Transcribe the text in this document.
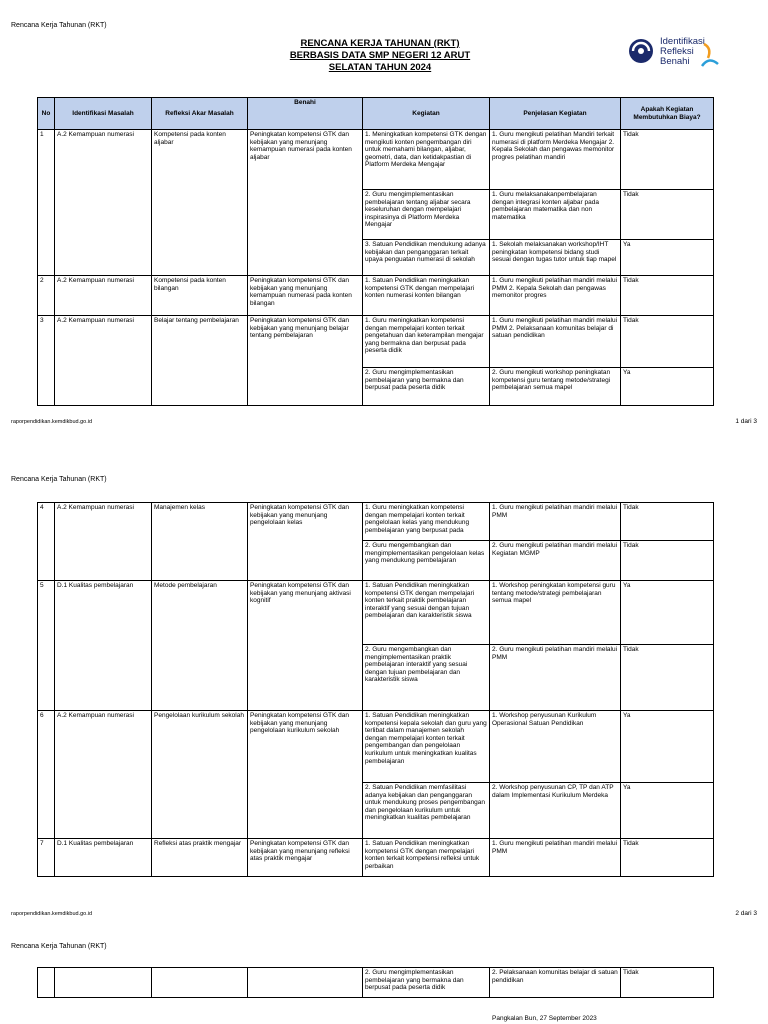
Rencana Kerja Tahunan (RKT)
RENCANA KERJA TAHUNAN (RKT)
BERBASIS DATA SMP NEGERI 12 ARUT
SELATAN TAHUN 2024
Identifikasi
Refleksi
Benahi
No	Identifikasi Masalah	Refleksi Akar Masalah	Benahi	Kegiatan	Penjelasan Kegiatan	Apakah Kegiatan Membutuhkan Biaya?
1	A.2 Kemampuan numerasi	Kompetensi pada konten aljabar	Peningkatan kompetensi GTK dan kebijakan yang menunjang kemampuan numerasi pada konten aljabar	1. Meningkatkan kompetensi GTK dengan mengikuti konten pengembangan diri untuk memahami bilangan, aljabar, geometri, data, dan ketidakpastian di Platform Merdeka Mengajar	1. Guru mengikuti pelatihan Mandiri terkait numerasi di platform Merdeka Mengajar 2. Kepala Sekolah dan pengawas memonitor progres pelatihan mandiri	Tidak
				2. Guru mengimplementasikan pembelajaran tentang aljabar secara keseluruhan dengan mempelajari inspirasinya di Platform Merdeka Mengajar	1. Guru melaksanakanpembelajaran dengan integrasi konten aljabar pada pembelajaran matematika dan non matematika	Tidak
				3. Satuan Pendidikan mendukung adanya kebijakan dan penganggaran terkait upaya penguatan numerasi di sekolah	1. Sekolah melaksanakan workshop/IHT peningkatan kompetensi bidang studi sesuai dengan tugas tutor untuk tiap mapel	Ya
2	A.2 Kemampuan numerasi	Kompetensi pada konten bilangan	Peningkatan kompetensi GTK dan kebijakan yang menunjang kemampuan numerasi pada konten bilangan	1. Satuan Pendidikan meningkatkan kompetensi GTK dengan mempelajari konten numerasi konten bilangan	1. Guru mengikuti pelatihan mandiri melalui PMM 2. Kepala Sekolah dan pengawas memonitor progres	Tidak
3	A.2 Kemampuan numerasi	Belajar tentang pembelajaran	Peningkatan kompetensi GTK dan kebijakan yang menunjang belajar tentang pembelajaran	1. Guru meningkatkan kompetensi dengan mempelajari konten terkait pengetahuan dan keterampilan mengajar yang bermakna dan berpusat pada peserta didik	1. Guru mengikuti pelatihan mandiri melalui PMM 2. Pelaksanaan komunitas belajar di satuan pendidikan	Tidak
				2. Guru mengimplementasikan pembelajaran yang bermakna dan berpusat pada peserta didik	2. Guru mengikuti workshop peningkatan kompetensi guru tentang metode/strategi pembelajaran semua mapel	Ya
raporpendidikan.kemdikbud.go.id	1 dari 3
Rencana Kerja Tahunan (RKT)
4	A.2 Kemampuan numerasi	Manajemen kelas	Peningkatan kompetensi GTK dan kebijakan yang menunjang pengelolaan kelas	1. Guru meningkatkan kompetensi dengan mempelajari konten terkait pengelolaan kelas yang mendukung pembelajaran yang berpusat pada	1. Guru mengikuti pelatihan mandiri melalui PMM	Tidak
				2. Guru mengembangkan dan mengimplementasikan pengelolaan kelas yang mendukung pembelajaran	2. Guru mengikuti pelatihan mandiri melalui Kegiatan MGMP	Tidak
5	D.1 Kualitas pembelajaran	Metode pembelajaran	Peningkatan kompetensi GTK dan kebijakan yang menunjang aktivasi kognitif	1. Satuan Pendidikan meningkatkan kompetensi GTK dengan mempelajari konten terkait praktik pembelajaran interaktif yang sesuai dengan tujuan pembelajaran dan karakteristik siswa	1. Workshop peningkatan kompetensi guru tentang metode/strategi pembelajaran semua mapel	Ya
				2. Guru mengembangkan dan mengimplementasikan praktik pembelajaran interaktif yang sesuai dengan tujuan pembelajaran dan karakteristik siswa	2. Guru mengikuti pelatihan mandiri melalui PMM	Tidak
6	A.2 Kemampuan numerasi	Pengelolaan kurikulum sekolah	Peningkatan kompetensi GTK dan kebijakan yang menunjang pengelolaan kurikulum sekolah	1. Satuan Pendidikan meningkatkan kompetensi kepala sekolah dan guru yang terlibat dalam manajemen sekolah dengan mempelajari konten terkait pengembangan dan pengelolaan kurikulum untuk meningkatkan kualitas pembelajaran	1. Workshop penyusunan Kurikulum Operasional Satuan Pendidikan	Ya
				2. Satuan Pendidikan memfasilitasi adanya kebijakan dan penganggaran untuk mendukung proses pengembangan dan pengelolaan kurikulum untuk meningkatkan kualitas pembelajaran	2. Workshop penyusunan CP, TP dan ATP dalam Implementasi Kurikulum Merdeka	Ya
7	D.1 Kualitas pembelajaran	Refleksi atas praktik mengajar	Peningkatan kompetensi GTK dan kebijakan yang menunjang refleksi atas praktik mengajar	1. Satuan Pendidikan meningkatkan kompetensi GTK dengan mempelajari konten terkait kompetensi refleksi untuk perbaikan	1. Guru mengikuti pelatihan mandiri melalui PMM	Tidak
raporpendidikan.kemdikbud.go.id	2 dari 3
Rencana Kerja Tahunan (RKT)
				2. Guru mengimplementasikan pembelajaran yang bermakna dan berpusat pada peserta didik	2. Pelaksanaan komunitas belajar di satuan pendidikan	Tidak
Pangkalan Bun, 27 September 2023
